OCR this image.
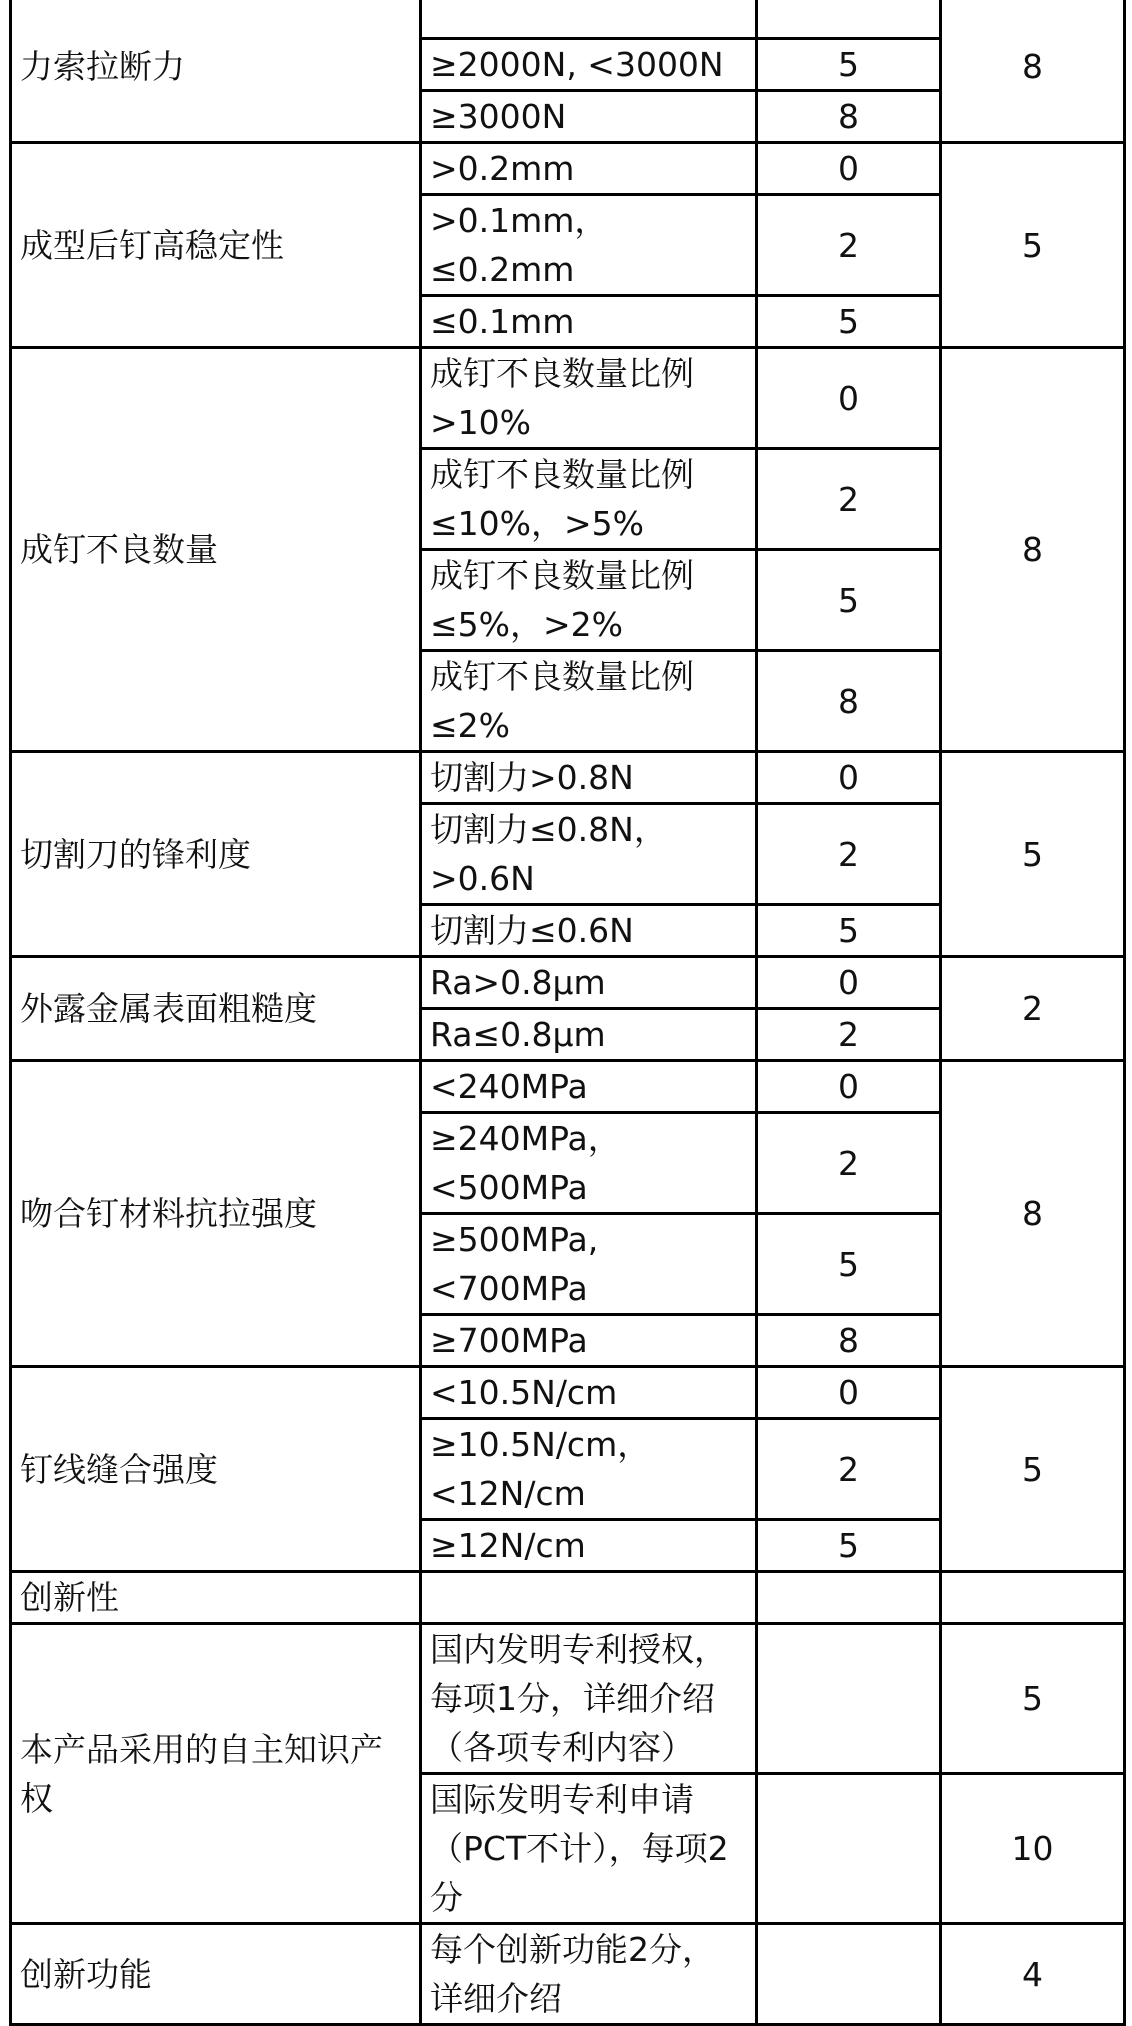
力索拉断力			8
	≥2000N, <3000N	5	
	≥3000N	8	
成型后钉高稳定性	>0.2mm	0	5
	>0.1mm，≤0.2mm	2	
	≤0.1mm	5	
成钉不良数量	成钉不良数量比例>10%	0	8
	成钉不良数量比例≤10%，>5%	2	
	成钉不良数量比例≤5%，>2%	5	
	成钉不良数量比例≤2%	8	
切割刀的锋利度	切割力>0.8N	0	5
	切割力≤0.8N，>0.6N	2	
	切割力≤0.6N	5	
外露金属表面粗糙度	Ra>0.8μm	0	2
	Ra≤0.8μm	2	
吻合钉材料抗拉强度	<240MPa	0	8
	≥240MPa，<500MPa	2	
	≥500MPa, <700MPa	5	
	≥700MPa	8	
钉线缝合强度	<10.5N/cm	0	5
	≥10.5N/cm，<12N/cm	2	
	≥12N/cm	5	
创新性			
本产品采用的自主知识产权	国内发明专利授权，每项1分，详细介绍（各项专利内容）		5
	国际发明专利申请（PCT不计），每项2分		10
创新功能	每个创新功能2分，详细介绍		4
